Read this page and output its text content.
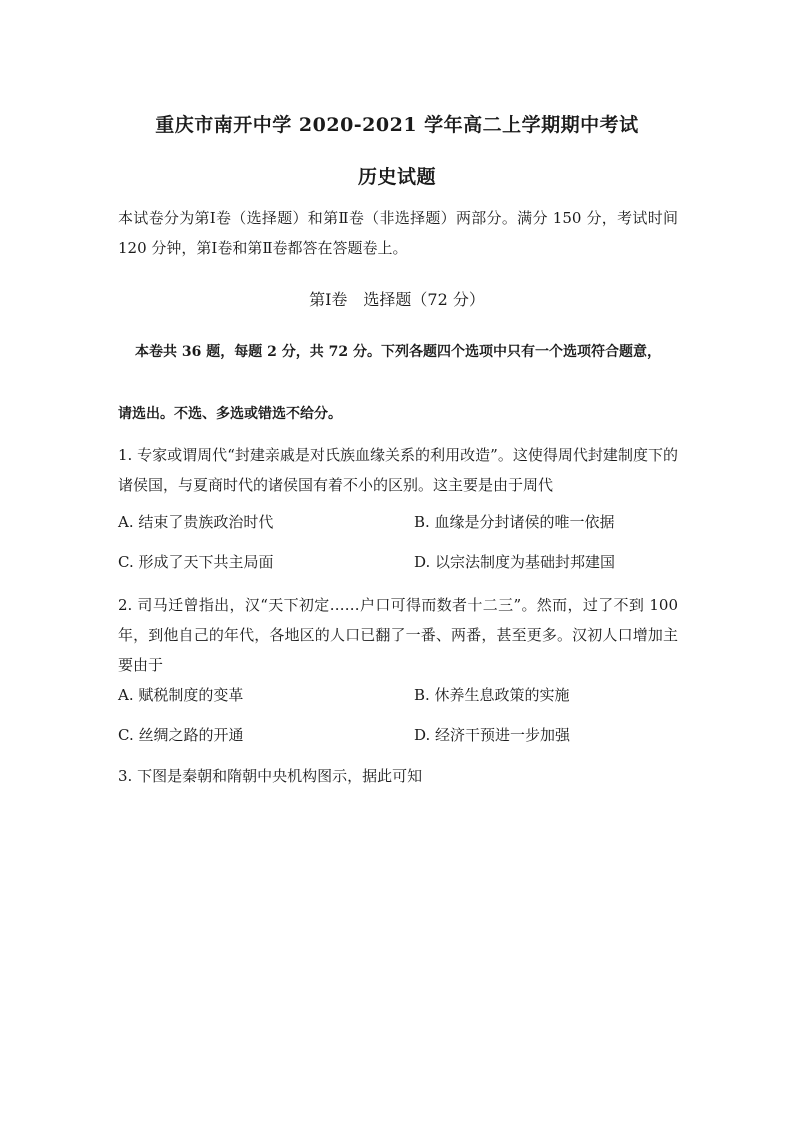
重庆市南开中学 2020-2021 学年高二上学期期中考试
历史试题
本试卷分为第Ⅰ卷（选择题）和第Ⅱ卷（非选择题）两部分。满分 150 分，考试时间 120 分钟，第Ⅰ卷和第Ⅱ卷都答在答题卷上。
第Ⅰ卷　选择题（72 分）
本卷共 36 题，每题 2 分，共 72 分。下列各题四个选项中只有一个选项符合题意，
请选出。不选、多选或错选不给分。
1. 专家或谓周代“封建亲戚是对氏族血缘关系的利用改造”。这使得周代封建制度下的诸侯国，与夏商时代的诸侯国有着不小的区别。这主要是由于周代
A. 结束了贵族政治时代	B. 血缘是分封诸侯的唯一依据
C. 形成了天下共主局面	D. 以宗法制度为基础封邦建国
2. 司马迁曾指出，汉“天下初定……户口可得而数者十二三”。然而，过了不到 100 年，到他自己的年代，各地区的人口已翻了一番、两番，甚至更多。汉初人口增加主要由于
A. 赋税制度的变革	B. 休养生息政策的实施
C. 丝绸之路的开通	D. 经济干预进一步加强
3. 下图是秦朝和隋朝中央机构图示，据此可知
